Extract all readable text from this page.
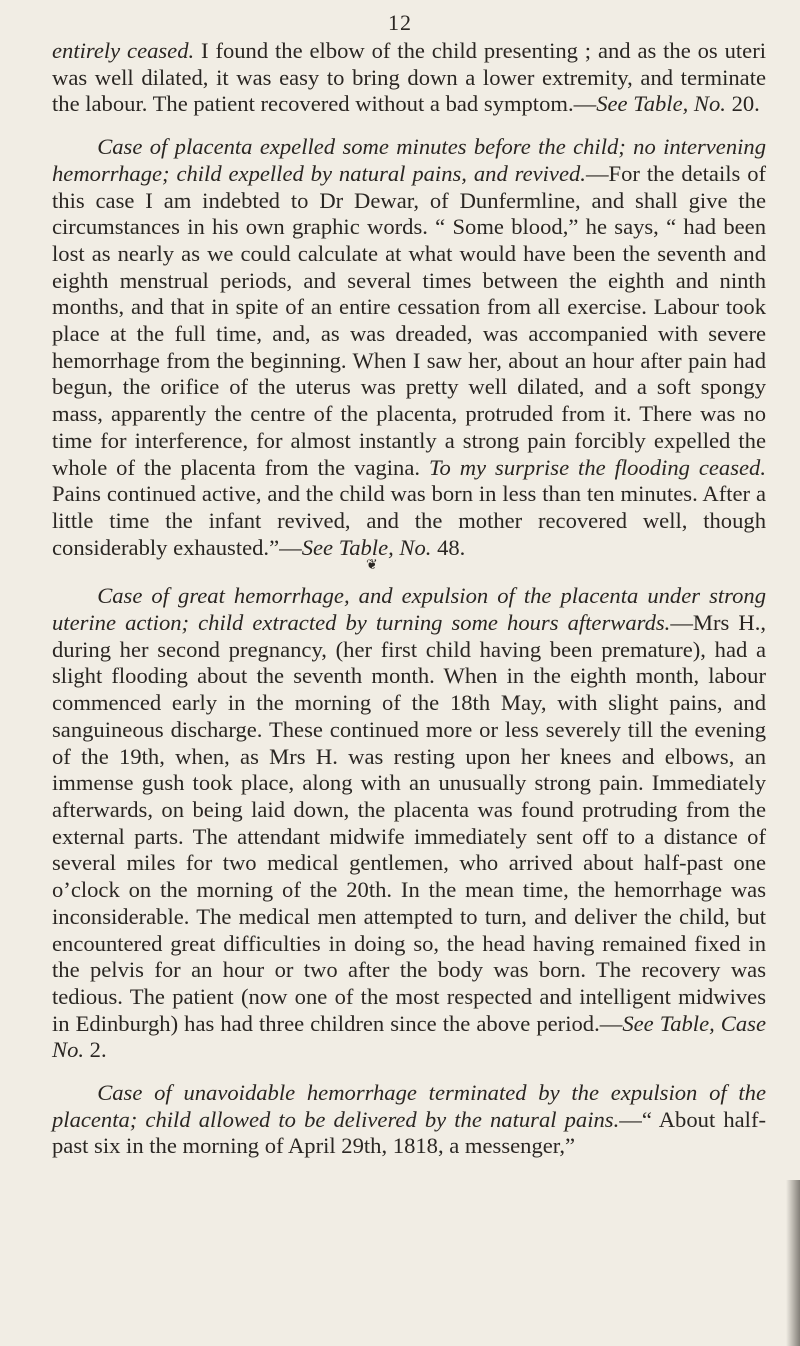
12

entirely ceased. I found the elbow of the child presenting ; and as the os uteri was well dilated, it was easy to bring down a lower extremity, and terminate the labour. The patient recovered without a bad symptom.—See Table, No. 20.

Case of placenta expelled some minutes before the child; no intervening hemorrhage; child expelled by natural pains, and revived.—For the details of this case I am indebted to Dr Dewar, of Dunfermline, and shall give the circumstances in his own graphic words. “ Some blood,” he says, “ had been lost as nearly as we could calculate at what would have been the seventh and eighth menstrual periods, and several times between the eighth and ninth months, and that in spite of an entire cessation from all exercise. Labour took place at the full time, and, as was dreaded, was accompanied with severe hemorrhage from the beginning. When I saw her, about an hour after pain had begun, the orifice of the uterus was pretty well dilated, and a soft spongy mass, apparently the centre of the placenta, protruded from it. There was no time for interference, for almost instantly a strong pain forcibly expelled the whole of the placenta from the vagina. To my surprise the flooding ceased. Pains continued active, and the child was born in less than ten minutes. After a little time the infant revived, and the mother recovered well, though considerably exhausted.”—See Table, No. 48.

❦

Case of great hemorrhage, and expulsion of the placenta under strong uterine action; child extracted by turning some hours afterwards.—Mrs H., during her second pregnancy, (her first child having been premature), had a slight flooding about the seventh month. When in the eighth month, labour commenced early in the morning of the 18th May, with slight pains, and sanguineous discharge. These continued more or less severely till the evening of the 19th, when, as Mrs H. was resting upon her knees and elbows, an immense gush took place, along with an unusually strong pain. Immediately afterwards, on being laid down, the placenta was found protruding from the external parts. The attendant midwife immediately sent off to a distance of several miles for two medical gentlemen, who arrived about half-past one o’clock on the morning of the 20th. In the mean time, the hemorrhage was inconsiderable. The medical men attempted to turn, and deliver the child, but encountered great difficulties in doing so, the head having remained fixed in the pelvis for an hour or two after the body was born. The recovery was tedious. The patient (now one of the most respected and intelligent midwives in Edinburgh) has had three children since the above period.—See Table, Case No. 2.

Case of unavoidable hemorrhage terminated by the expulsion of the placenta; child allowed to be delivered by the natural pains.—“ About half-past six in the morning of April 29th, 1818, a messenger,”
